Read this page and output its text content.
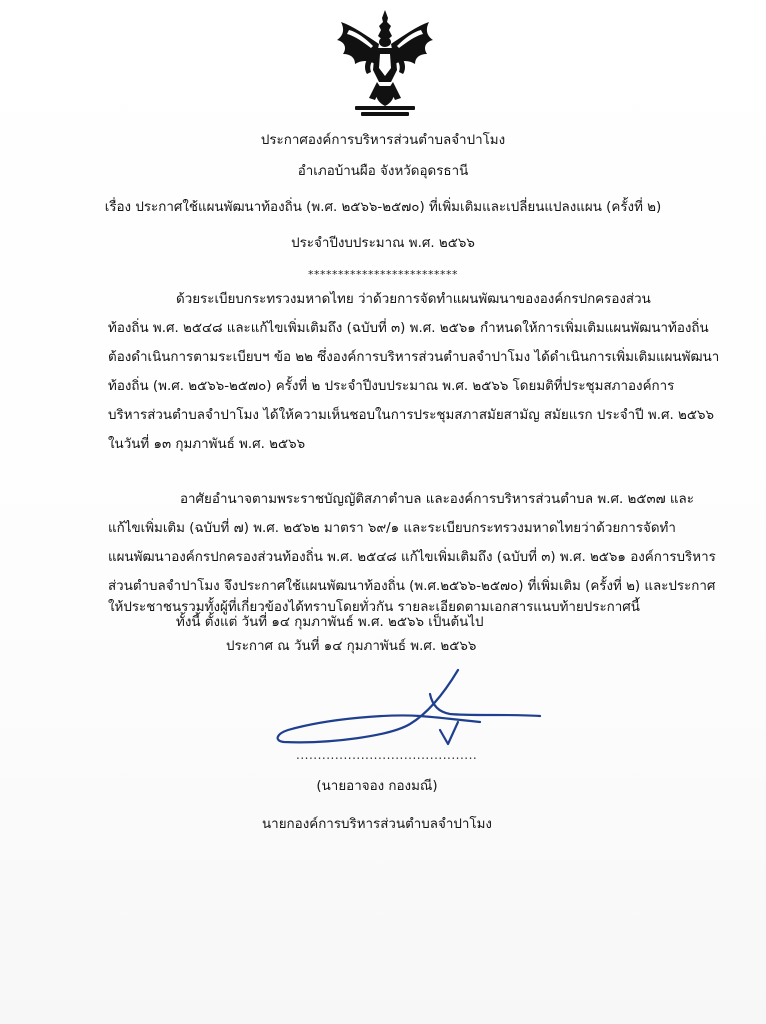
ประกาศองค์การบริหารส่วนตำบลจำปาโมง
อำเภอบ้านผือ จังหวัดอุดรธานี
เรื่อง ประกาศใช้แผนพัฒนาท้องถิ่น (พ.ศ. ๒๕๖๖-๒๕๗๐) ที่เพิ่มเติมและเปลี่ยนแปลงแผน (ครั้งที่ ๒)
ประจำปีงบประมาณ พ.ศ. ๒๕๖๖
*************************
ด้วยระเบียบกระทรวงมหาดไทย ว่าด้วยการจัดทำแผนพัฒนาขององค์กรปกครองส่วน
ท้องถิ่น พ.ศ. ๒๕๔๘ และแก้ไขเพิ่มเติมถึง (ฉบับที่ ๓) พ.ศ. ๒๕๖๑ กำหนดให้การเพิ่มเติมแผนพัฒนาท้องถิ่น
ต้องดำเนินการตามระเบียบฯ ข้อ ๒๒ ซึ่งองค์การบริหารส่วนตำบลจำปาโมง ได้ดำเนินการเพิ่มเติมแผนพัฒนา
ท้องถิ่น (พ.ศ. ๒๕๖๖-๒๕๗๐) ครั้งที่ ๒ ประจำปีงบประมาณ พ.ศ. ๒๕๖๖ โดยมติที่ประชุมสภาองค์การ
บริหารส่วนตำบลจำปาโมง ได้ให้ความเห็นชอบในการประชุมสภาสมัยสามัญ สมัยแรก ประจำปี พ.ศ. ๒๕๖๖
ในวันที่ ๑๓ กุมภาพันธ์ พ.ศ. ๒๕๖๖
อาศัยอำนาจตามพระราชบัญญัติสภาตำบล และองค์การบริหารส่วนตำบล พ.ศ. ๒๕๓๗ และ
แก้ไขเพิ่มเติม (ฉบับที่ ๗) พ.ศ. ๒๕๖๒ มาตรา ๖๙/๑ และระเบียบกระทรวงมหาดไทยว่าด้วยการจัดทำ
แผนพัฒนาองค์กรปกครองส่วนท้องถิ่น พ.ศ. ๒๕๔๘ แก้ไขเพิ่มเติมถึง (ฉบับที่ ๓) พ.ศ. ๒๕๖๑ องค์การบริหาร
ส่วนตำบลจำปาโมง จึงประกาศใช้แผนพัฒนาท้องถิ่น (พ.ศ.๒๕๖๖-๒๕๗๐) ที่เพิ่มเติม (ครั้งที่ ๒) และประกาศ
ให้ประชาชนรวมทั้งผู้ที่เกี่ยวข้องได้ทราบโดยทั่วกัน รายละเอียดตามเอกสารแนบท้ายประกาศนี้
ทั้งนี้ ตั้งแต่ วันที่ ๑๔ กุมภาพันธ์ พ.ศ. ๒๕๖๖ เป็นต้นไป
ประกาศ ณ วันที่ ๑๔ กุมภาพันธ์ พ.ศ. ๒๕๖๖
..........................................
(นายอาจอง กองมณี)
นายกองค์การบริหารส่วนตำบลจำปาโมง
